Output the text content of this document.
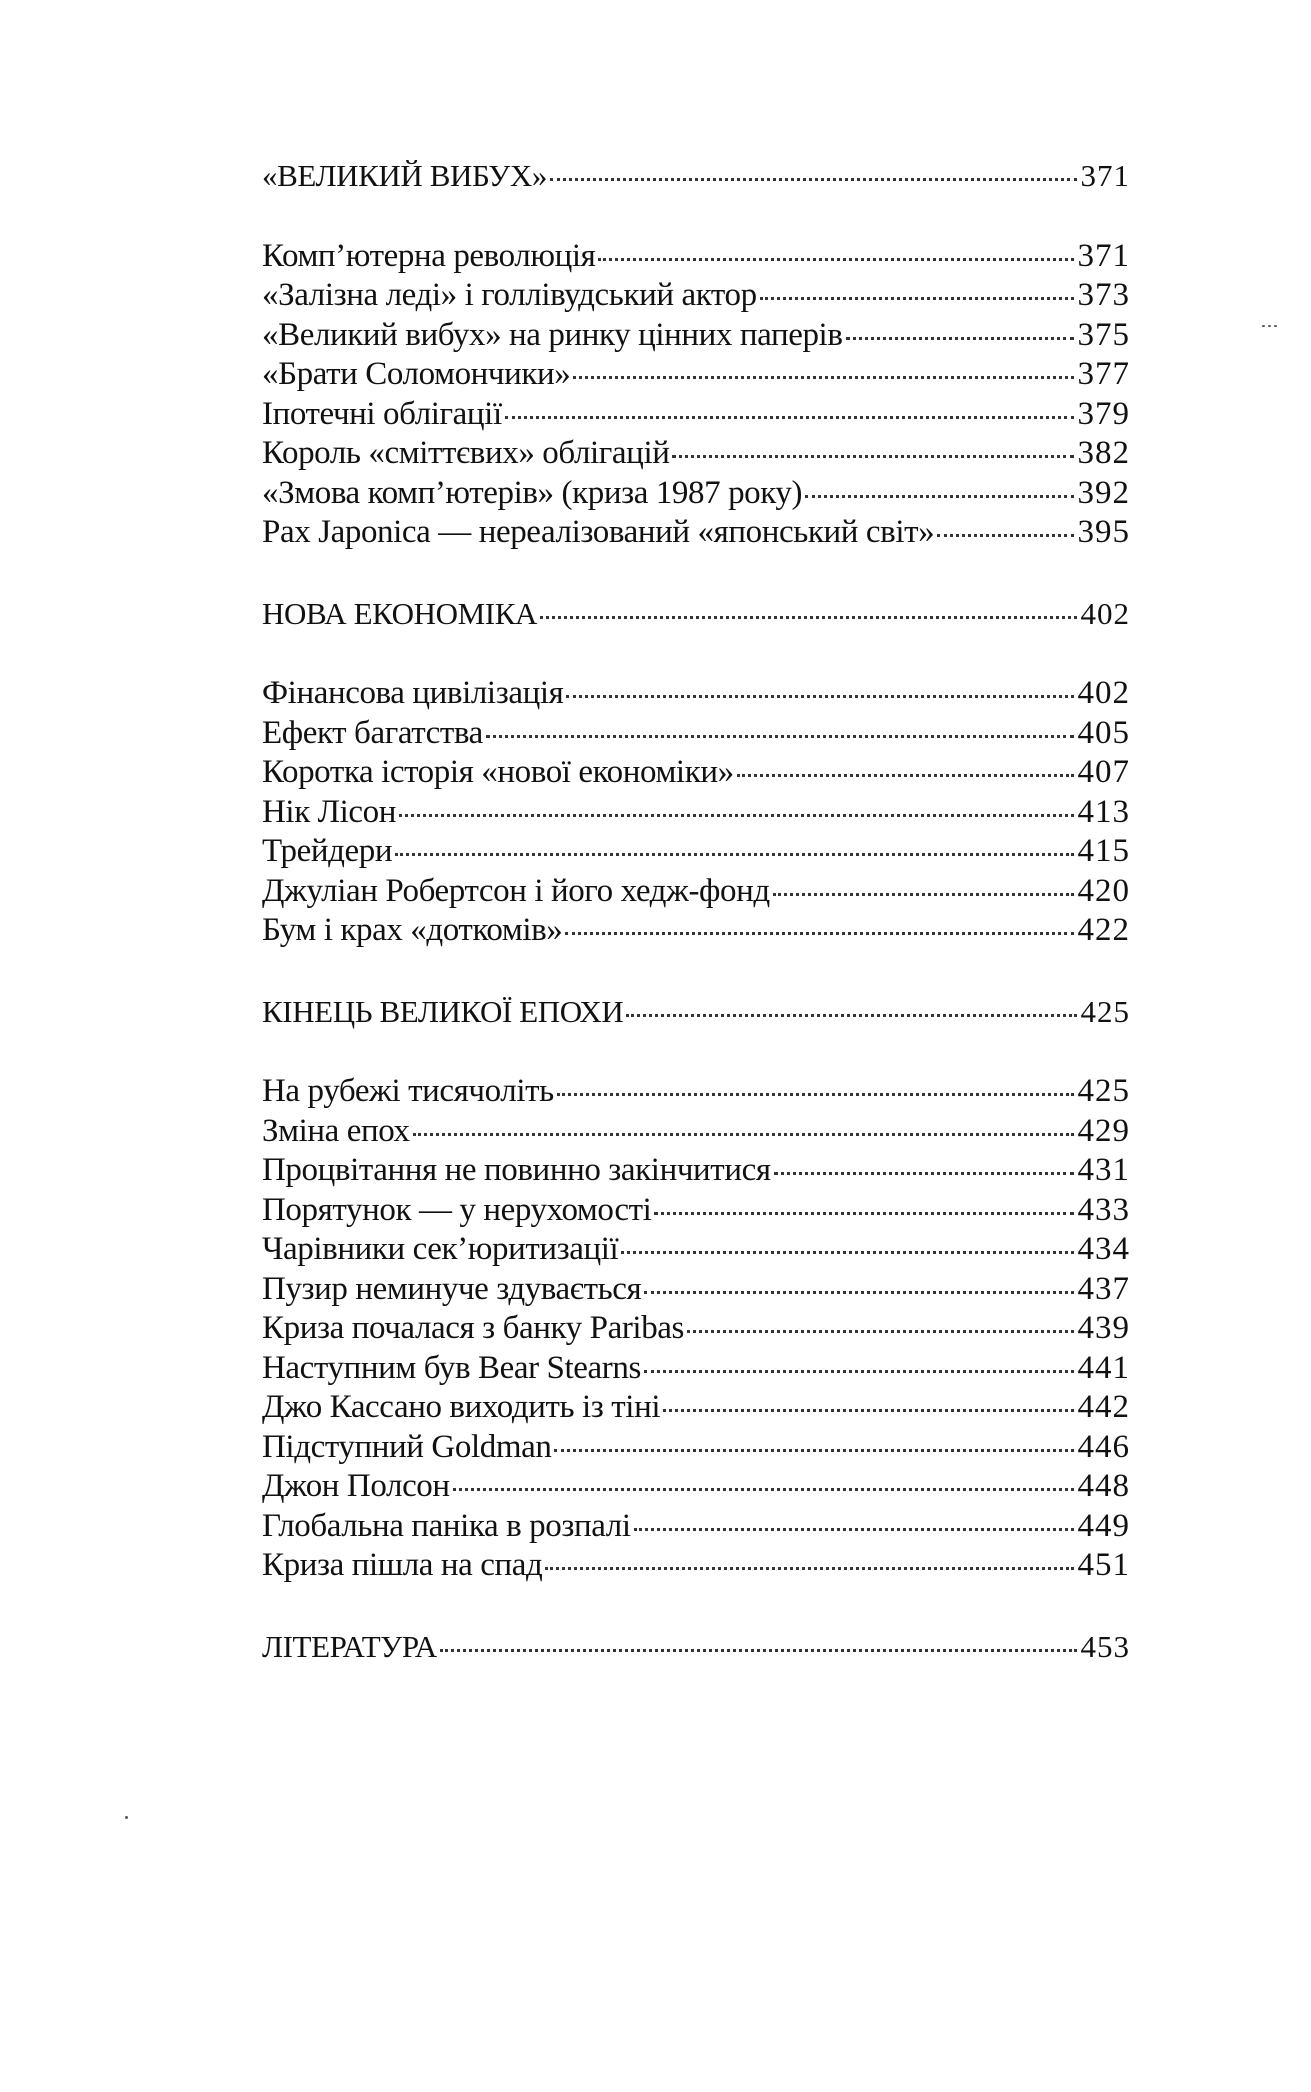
«ВЕЛИКИЙ ВИБУХ»	371
Комп’ютерна революція	371
«Залізна леді» і голлівудський актор	373
«Великий вибух» на ринку цінних паперів	375
«Брати Соломончики»	377
Іпотечні облігації	379
Король «сміттєвих» облігацій	382
«Змова комп’ютерів» (криза 1987 року)	392
Pax Japonica — нереалізований «японський світ»	395
НОВА ЕКОНОМІКА	402
Фінансова цивілізація	402
Ефект багатства	405
Коротка історія «нової економіки»	407
Нік Лісон	413
Трейдери	415
Джуліан Робертсон і його хедж-фонд	420
Бум і крах «доткомів»	422
КІНЕЦЬ ВЕЛИКОЇ ЕПОХИ	425
На рубежі тисячоліть	425
Зміна епох	429
Процвітання не повинно закінчитися	431
Порятунок — у нерухомості	433
Чарівники сек’юритизації	434
Пузир неминуче здувається	437
Криза почалася з банку Paribas	439
Наступним був Bear Stearns	441
Джо Кассано виходить із тіні	442
Підступний Goldman	446
Джон Полсон	448
Глобальна паніка в розпалі	449
Криза пішла на спад	451
ЛІТЕРАТУРА	453
